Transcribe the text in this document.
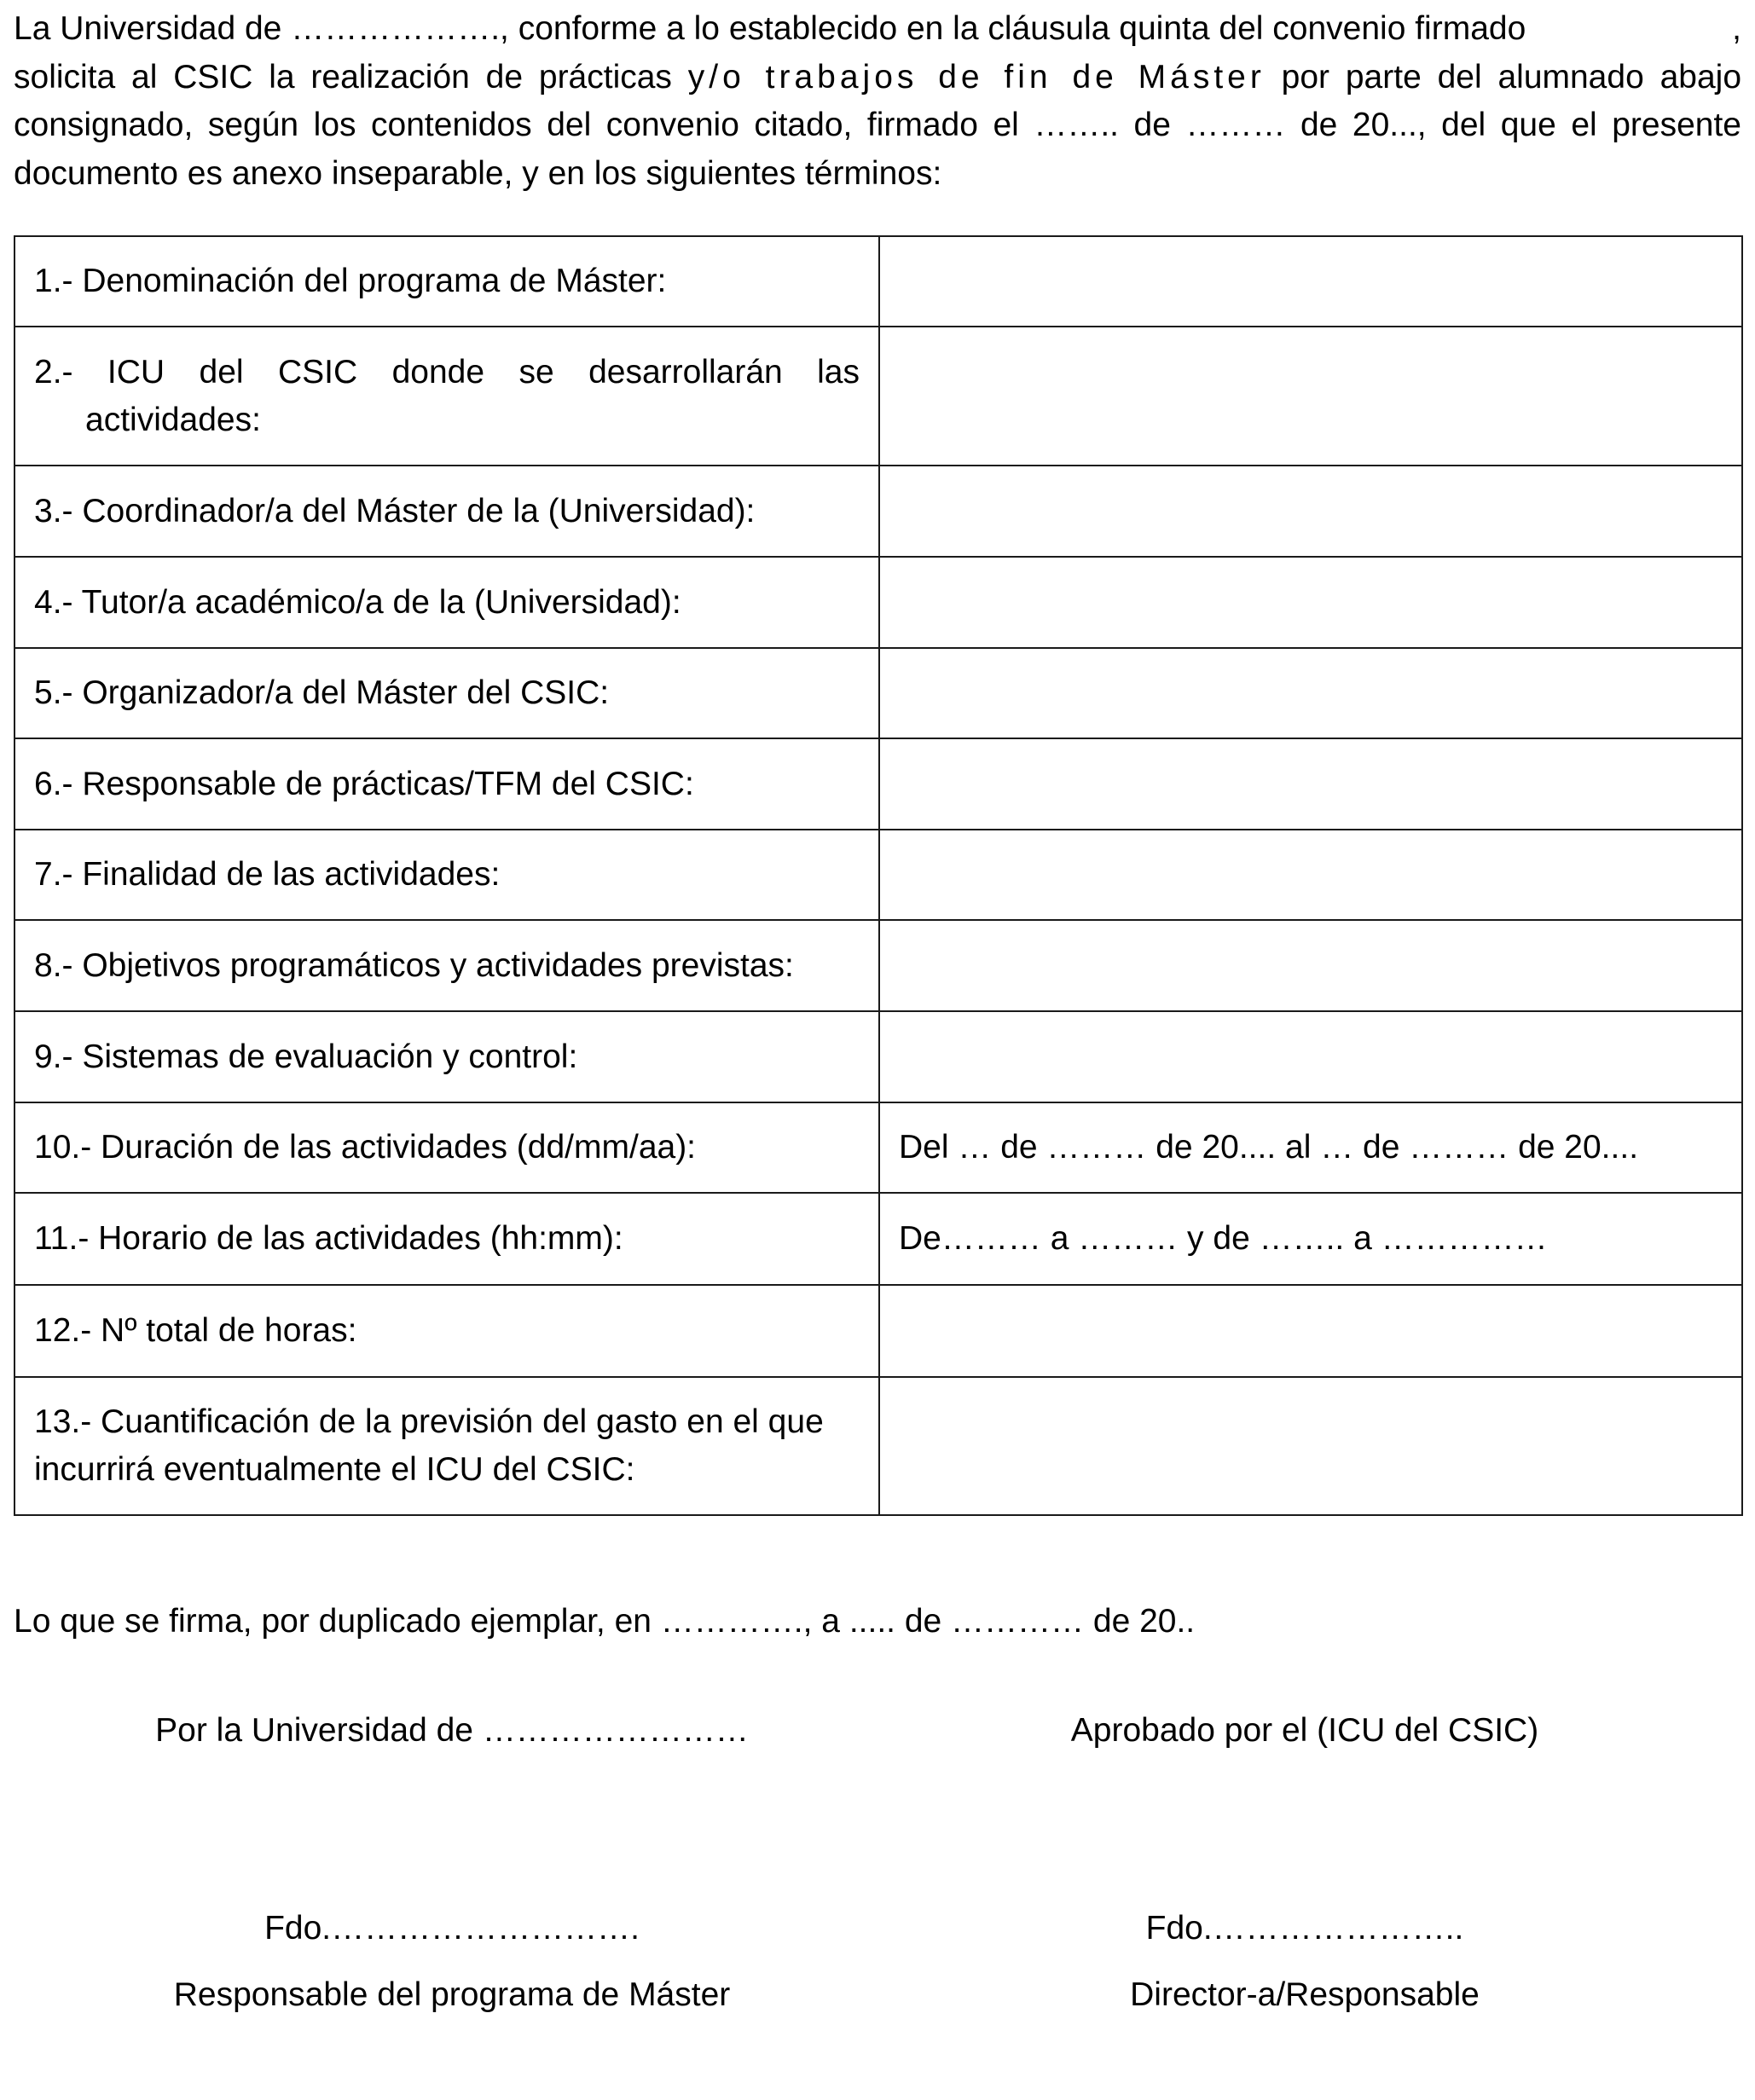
La Universidad de ………………., conforme a lo establecido en la cláusula quinta del convenio firmado	,
solicita al CSIC la realización de prácticas y/o trabajos de fin de Máster por parte del alumnado abajo
consignado, según los contenidos del convenio citado, firmado el …….. de ……… de 20..., del que el presente
documento es anexo inseparable, y en los siguientes términos:
1.- Denominación del programa de Máster:	

2.- ICU del CSIC donde se desarrollarán las
actividades:	
3.- Coordinador/a del Máster de la (Universidad):	
4.- Tutor/a académico/a de la (Universidad):	
5.- Organizador/a del Máster del CSIC:	
6.- Responsable de prácticas/TFM del CSIC:	
7.- Finalidad de las actividades:	
8.- Objetivos programáticos y actividades previstas:	
9.- Sistemas de evaluación y control:	
10.- Duración de las actividades (dd/mm/aa):	Del … de ……… de 20.... al … de ……… de 20....
11.- Horario de las actividades (hh:mm):	De……… a ……… y de …….. a ……………
12.- Nº total de horas:	
13.- Cuantificación de la previsión del gasto en el que
incurrirá eventualmente el ICU del CSIC:	
Lo que se firma, por duplicado ejemplar, en …………., a ..... de ………… de 20..
Por la Universidad de ……………………	Aprobado por el (ICU del CSIC)
Fdo.……………………….	Fdo.…………………..
Responsable del programa de Máster	Director-a/Responsable
